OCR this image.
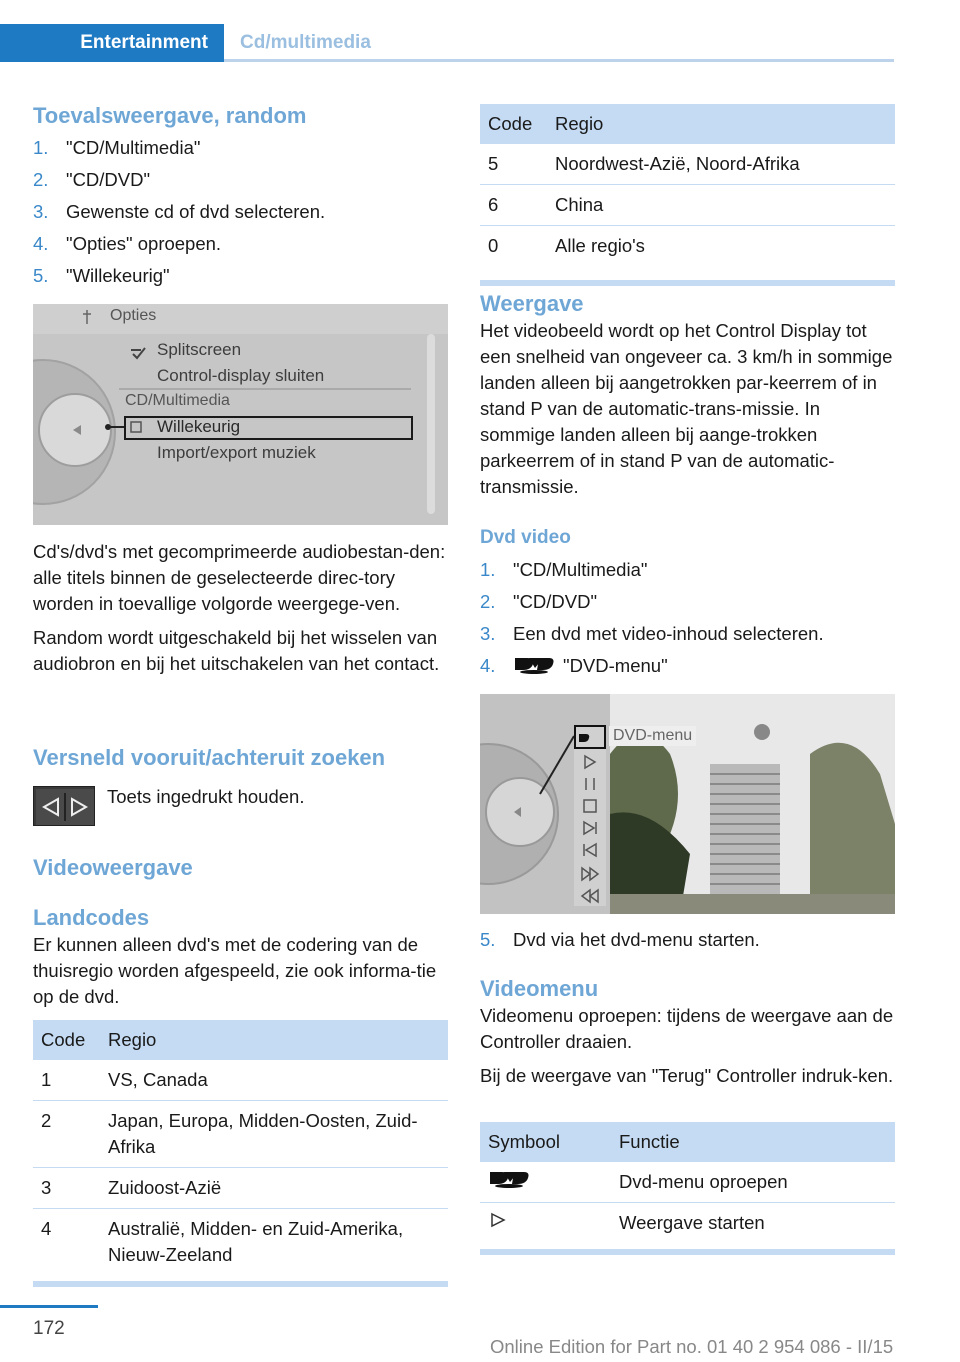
Entertainment	Cd/multimedia
Toevalsweergave, random
1. "CD/Multimedia"
2. "CD/DVD"
3. Gewenste cd of dvd selecteren.
4. "Opties" oproepen.
5. "Willekeurig"
Opties
Splitscreen
Control-display sluiten
CD/Multimedia
Willekeurig
Import/export muziek

Cd's/dvd's met gecomprimeerde audiobestan-den: alle titels binnen de geselecteerde direc-tory worden in toevallige volgorde weergege-ven.

Random wordt uitgeschakeld bij het wisselen van audiobron en bij het uitschakelen van het contact.

Versneld vooruit/achteruit zoeken

Toets ingedrukt houden.

Videoweergave
Landcodes

Er kunnen alleen dvd's met de codering van de thuisregio worden afgespeeld, zie ook informa-tie op de dvd.

Code	Regio
1	VS, Canada
2	Japan, Europa, Midden-Oosten, Zuid-Afrika
3	Zuidoost-Azië
4	Australië, Midden- en Zuid-Amerika, Nieuw-Zeeland
Code	Regio
5	Noordwest-Azië, Noord-Afrika
6	China
0	Alle regio's
Weergave

Het videobeeld wordt op het Control Display tot een snelheid van ongeveer ca. 3 km/h in sommige landen alleen bij aangetrokken par-keerrem of in stand P van de automatic-trans-missie. In sommige landen alleen bij aange-trokken parkeerrem of in stand P van de automatic-transmissie.

Dvd video
1. "CD/Multimedia"
2. "CD/DVD"
3. Een dvd met video-inhoud selecteren.
4.	"DVD-menu"
DVD-menu
5. Dvd via het dvd-menu starten.
Videomenu

Videomenu oproepen: tijdens de weergave aan de Controller draaien.

Bij de weergave van "Terug" Controller indruk-ken.

Symbool	Functie
	Dvd-menu oproepen
	Weergave starten
172
Online Edition for Part no. 01 40 2 954 086 - II/15
